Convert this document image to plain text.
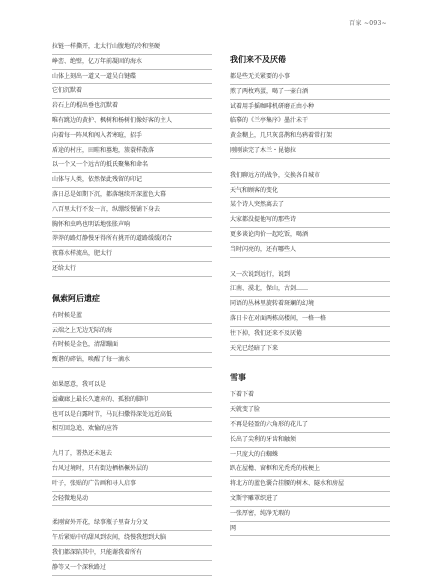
百家 ~093~
拉链一样撕开，北太行山腹地的冷和坚硬
峥峦、绝壁，亿万年前凝固的海水
山体上刻出一道又一道吴白键碟
它们沉默着
岩石上的棍出垂也沉默着
唯有跳边的黄护、枫树和杨树们像好客的主人
向着每一阵风和闯入者寒暄，招手
盾途的村庄，田畦和墓地，簇蓑样散落
以一个又一个远古的抵氏聚集和命名
山体与人类，依然保此残留的印记
落日总是如期下沉，都落继续开深蓝色大幕
八百里太行不发一言，纵绷绥慢铺下身去
胸怀和虫鸣也明话地张胀声响
莽莽的路灯静慢牙得所有挑开的道路缓缓闭合
夜幕水样流出，肥太行
还给太行
佩索阿后遗症
有时候是蓝
云端之上无边无际的海
有时候是金色，清甜蹦面
甄谐的碎钻，唤醒了每一滴水
如果愿意，我可以是
益藏廊上最长久遗弃的、孤独的脚印
也可以是白露时节，马瓦扫撒得深处远近高低
相互回急追、欢愉的应答
九月了，署热还未退去
台风过境时，只有街边栖梧橛外层的
叶子，张贴的广告画和寻人启事
会轻微地晃动
柔刚窗外开花，绿事瓶子里奋力分叉
午后紧贴中的甜风到农间，绕慢我想到大脑
我们都深陷其中，只能谢我着所有
静等又一个深秋路过
我们来不及厌倦
都是些无关紧要的小事
煎了两枚鸡蛋，喝了一壶白酒
试着用手摇咖啡机研磨正由小种
临摹的《兰亭集序》墨汁未干
黄金糊上，几只灰喜鹊和鸟鸦着常打架
刚刚读完了木兰・昆德拉
我们聊远方的战争，交换各自城市
天气和顾客的变化
某个诗人突然离去了
大家都没提他写的那些诗
更多谈论肉价一起吃饭，喝酒
当时闪亮的，还有哪些人
又一次说到远行，说到
江南、漠北，保山，古剑……
同语的丛林里旋转着斑斓的幻境
落日卡在对面两栋高楼间，一格一格
往下掉，我们还来不及厌倦
天光已经暗了下来
雪事
下着下着
天就变了脸
不再是轻盈的六角形的花儿了
长出了尖利的牙齿和触须
一只庞大的白蜘蛛
趴在屋檐、窗框和光秃秃的枝梗上
将北方的蓝色囊合挂腰的树木、隧水和房屋
文斯宇雕罩织进了
一张厚密，纯净无瑕的
网
